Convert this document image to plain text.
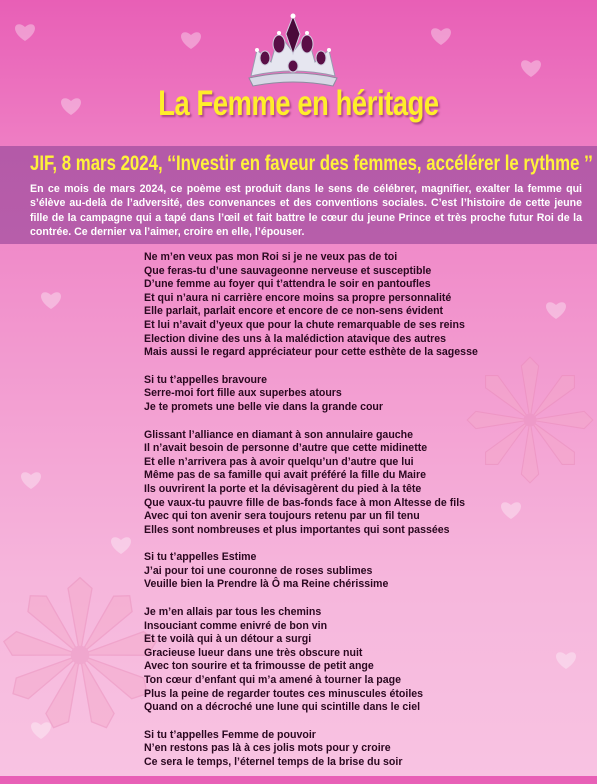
La Femme en héritage
JIF, 8 mars 2024, ‘‘Investir en faveur des femmes, accélérer le rythme ’’

En ce mois de mars 2024, ce poème est produit dans le sens de célébrer, magnifier, exalter la femme qui s’élève au-delà de l’adversité, des convenances et des conventions sociales. C’est l’histoire de cette jeune fille de la campagne qui a tapé dans l’œil et fait battre le cœur du jeune Prince et très proche futur Roi de la contrée. Ce dernier va l’aimer, croire en elle, l’épouser.

Ne m’en veux pas mon Roi si je ne veux pas de toi
Que feras-tu d’une sauvageonne nerveuse et susceptible
D’une femme au foyer qui t’attendra le soir en pantoufles
Et qui n’aura ni carrière encore moins sa propre personnalité
Elle parlait, parlait encore et encore de ce non-sens évident
Et lui n’avait d’yeux que pour la chute remarquable de ses reins
Election divine des uns à la malédiction atavique des autres
Mais aussi le regard appréciateur pour cette esthète de la sagesse
Si tu t’appelles bravoure
Serre-moi fort fille aux superbes atours
Je te promets une belle vie dans la grande cour
Glissant l’alliance en diamant à son annulaire gauche
Il n’avait besoin de personne d’autre que cette midinette
Et elle n’arrivera pas à avoir quelqu’un d’autre que lui
Même pas de sa famille qui avait préféré la fille du Maire
Ils ouvrirent la porte et la dévisagèrent du pied à la tête
Que vaux-tu pauvre fille de bas-fonds face à mon Altesse de fils
Avec qui ton avenir sera toujours retenu par un fil tenu
Elles sont nombreuses et plus importantes qui sont passées
Si tu t’appelles Estime
J’ai pour toi une couronne de roses sublimes
Veuille bien la Prendre là Ô ma Reine chérissime
Je m’en allais par tous les chemins
Insouciant comme enivré de bon vin
Et te voilà qui à un détour a surgi
Gracieuse lueur dans une très obscure nuit
Avec ton sourire et ta frimousse de petit ange
Ton cœur d’enfant qui m’a amené à tourner la page
Plus la peine de regarder toutes ces minuscules étoiles
Quand on a décroché une lune qui scintille dans le ciel
Si tu t’appelles Femme de pouvoir
N’en restons pas là à ces jolis mots pour y croire
Ce sera le temps, l’éternel temps de la brise du soir
